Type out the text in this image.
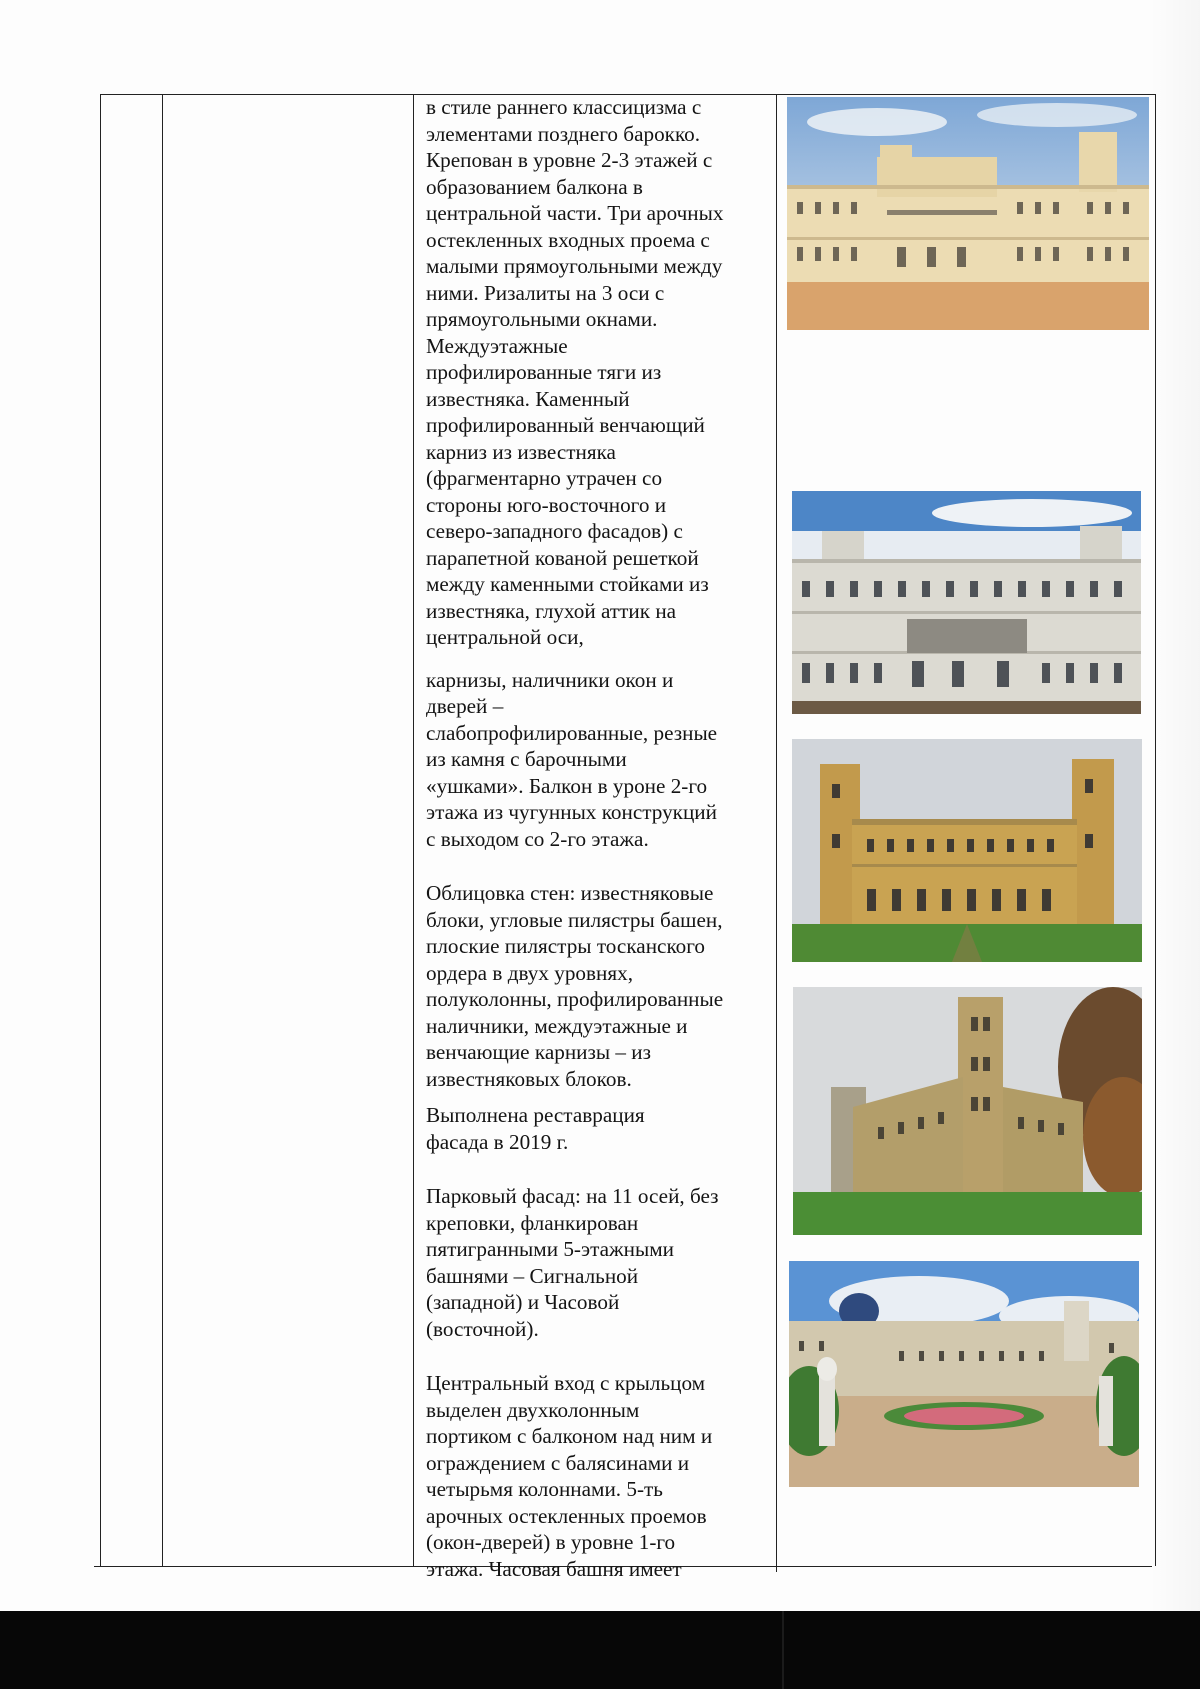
в стиле раннего классицизма с
элементами позднего барокко.
Крепован в уровне 2-3 этажей с
образованием балкона в
центральной части. Три арочных
остекленных входных проема с
малыми прямоугольными между
ними. Ризалиты на 3 оси с
прямоугольными окнами.
Междуэтажные
профилированные тяги из
известняка. Каменный
профилированный венчающий
карниз из известняка
(фрагментарно утрачен со
стороны юго-восточного и
северо-западного фасадов) с
парапетной кованой решеткой
между каменными стойками из
известняка, глухой аттик на
центральной оси,

карнизы, наличники окон и
дверей –
слабопрофилированные, резные
из камня с барочными
«ушками». Балкон в уроне 2-го
этажа из чугунных конструкций
с выходом со 2-го этажа.

Облицовка стен: известняковые
блоки, угловые пилястры башен,
плоские пилястры тосканского
ордера в двух уровнях,
полуколонны, профилированные
наличники, междуэтажные и
венчающие карнизы – из
известняковых блоков.

Выполнена реставрация
фасада в 2019 г.

Парковый фасад: на 11 осей, без
креповки, фланкирован
пятигранными 5-этажными
башнями – Сигнальной
(западной) и Часовой
(восточной).

Центральный вход с крыльцом
выделен двухколонным
портиком с балконом над ним и
ограждением с балясинами и
четырьмя колоннами. 5-ть
арочных остекленных проемов
(окон-дверей) в уровне 1-го
этажа. Часовая башня имеет
